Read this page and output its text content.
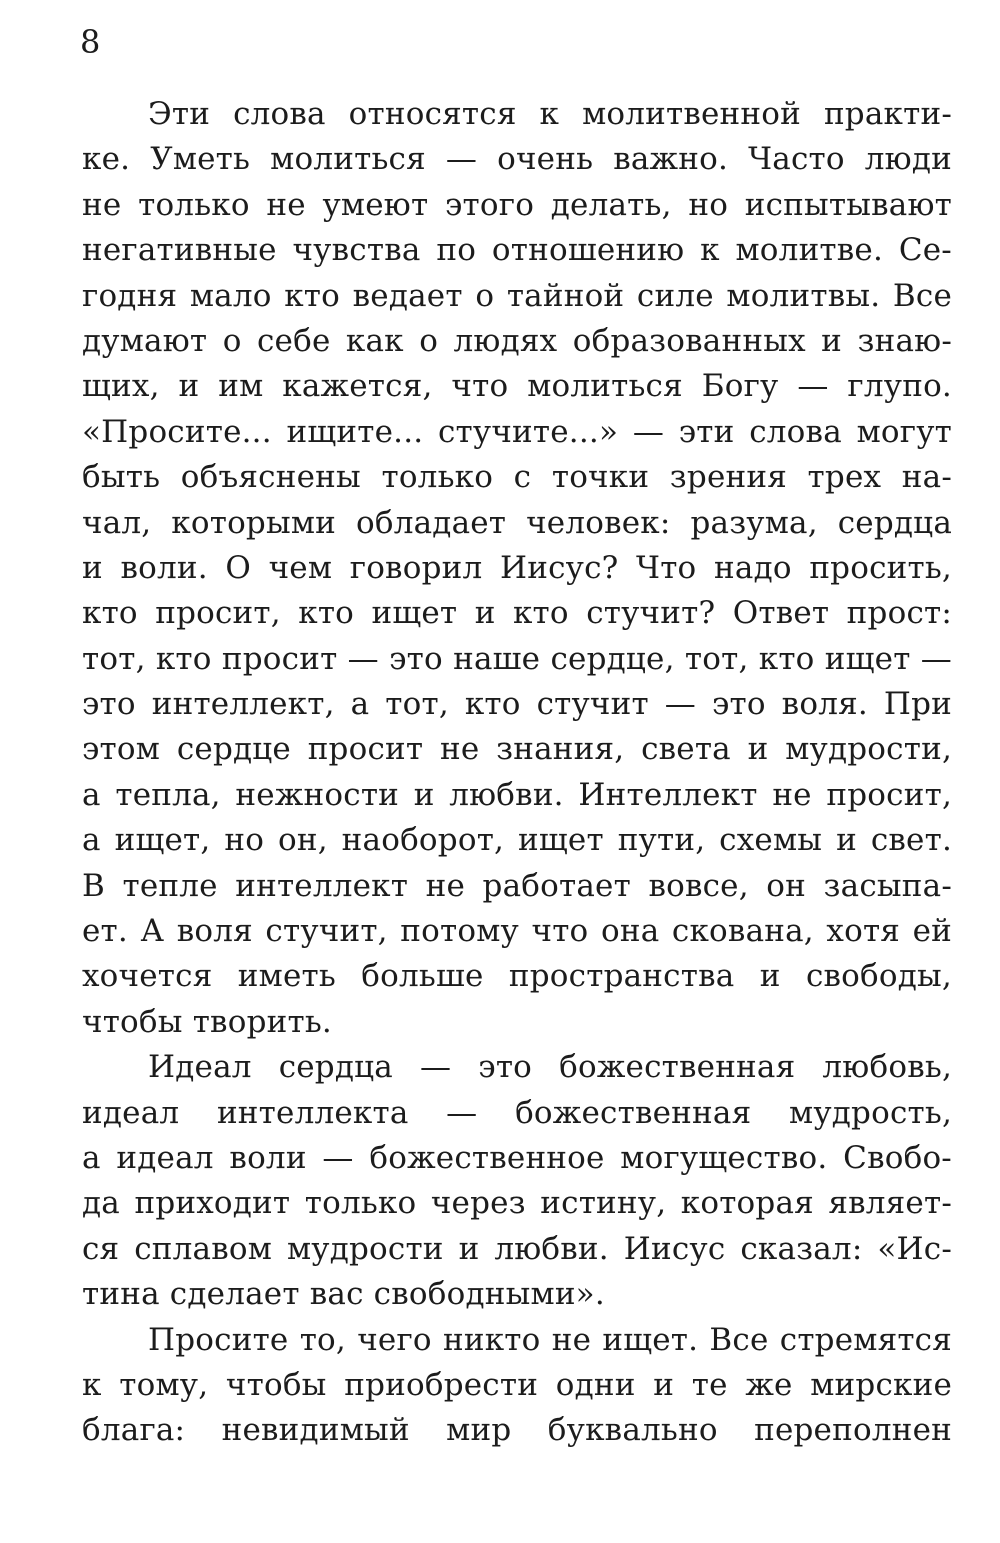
8
Эти слова относятся к молитвенной практи-
ке. Уметь молиться — очень важно. Часто люди
не только не умеют этого делать, но испытывают
негативные чувства по отношению к молитве. Се-
годня мало кто ведает о тайной силе молитвы. Все
думают о себе как о людях образованных и знаю-
щих, и им кажется, что молиться Богу — глупо.
«Просите... ищите... стучите...» — эти слова могут
быть объяснены только с точки зрения трех на-
чал, которыми обладает человек: разума, сердца
и воли. О чем говорил Иисус? Что надо просить,
кто просит, кто ищет и кто стучит? Ответ прост:
тот, кто просит — это наше сердце, тот, кто ищет —
это интеллект, а тот, кто стучит — это воля. При
этом сердце просит не знания, света и мудрости,
а тепла, нежности и любви. Интеллект не просит,
а ищет, но он, наоборот, ищет пути, схемы и свет.
В тепле интеллект не работает вовсе, он засыпа-
ет. А воля стучит, потому что она скована, хотя ей
хочется иметь больше пространства и свободы,
чтобы творить.
Идеал сердца — это божественная любовь,
идеал интеллекта — божественная мудрость,
а идеал воли — божественное могущество. Свобо-
да приходит только через истину, которая являет-
ся сплавом мудрости и любви. Иисус сказал: «Ис-
тина сделает вас свободными».
Просите то, чего никто не ищет. Все стремятся
к тому, чтобы приобрести одни и те же мирские
блага: невидимый мир буквально переполнен
